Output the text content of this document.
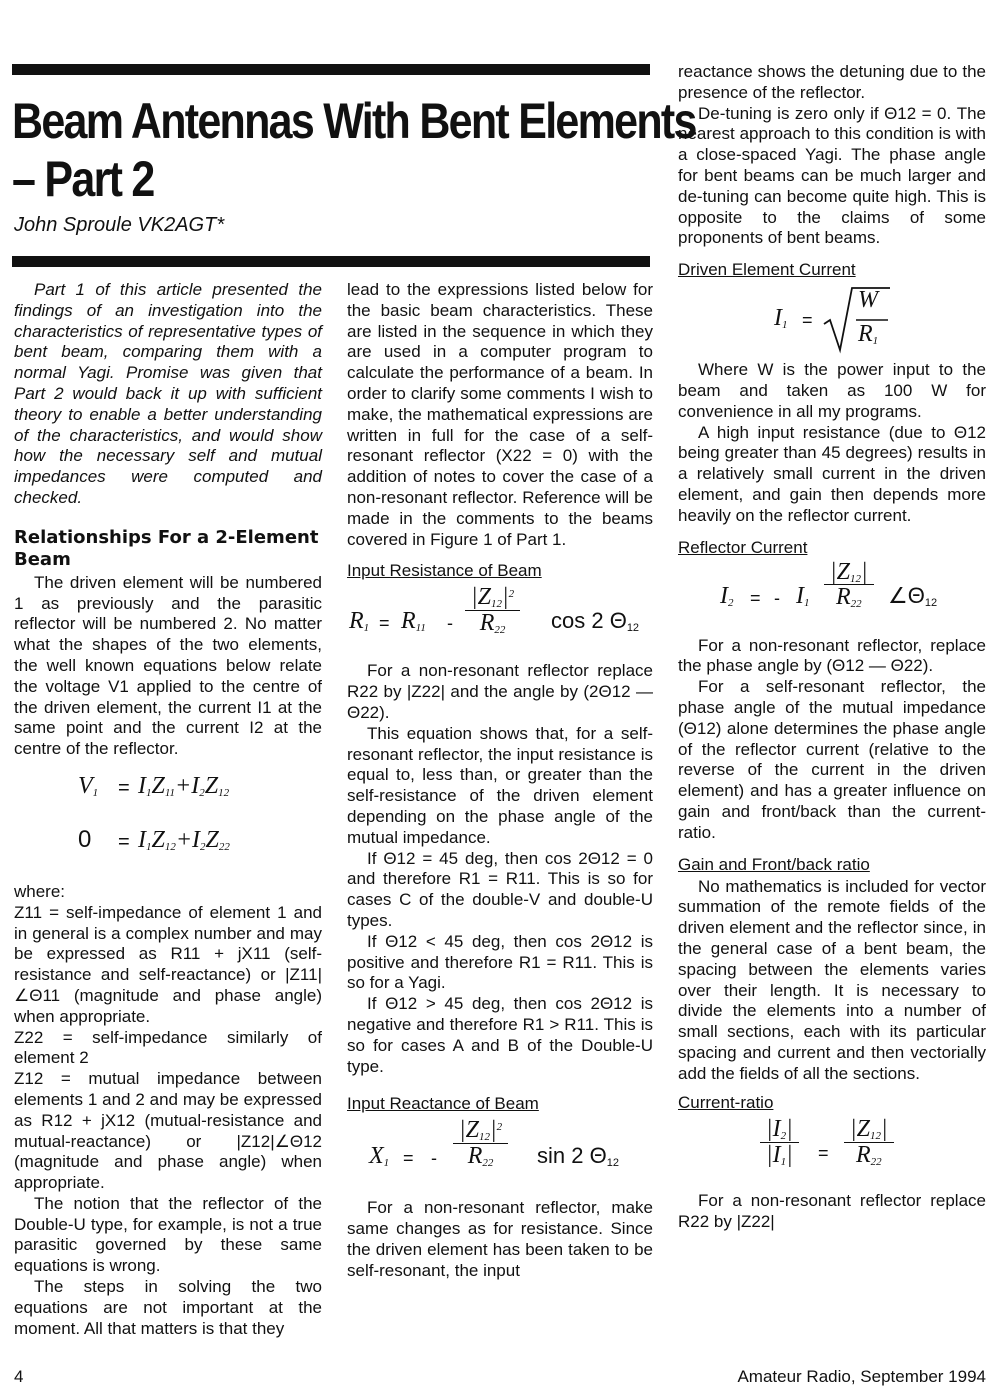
Beam Antennas With Bent Elements
– Part 2

John Sproule VK2AGT*

Part 1 of this article presented the findings of an investigation into the characteristics of representative types of bent beam, comparing them with a normal Yagi. Promise was given that Part 2 would back it up with sufficient theory to enable a better understanding of the characteristics, and would show how the necessary self and mutual impedances were computed and checked.

Relationships For a 2-Element Beam

The driven element will be numbered 1 as previously and the parasitic reflector will be numbered 2. No matter what the shapes of the two elements, the well known equations below relate the voltage V1 applied to the centre of the driven element, the current I1 at the same point and the current I2 at the centre of the reflector.

$V_1 = I_1Z_{11}+I_2Z_{12}$
$0 = I_1Z_{12}+I_2Z_{22}$

where:

Z11 = self-impedance of element 1 and in general is a complex number and may be expressed as R11 + jX11 (self-resistance and self-reactance) or |Z11|∠Θ11 (magnitude and phase angle) when appropriate.

Z22 = self-impedance similarly of element 2

Z12 = mutual impedance between elements 1 and 2 and may be expressed as R12 + jX12 (mutual-resistance and mutual-reactance) or |Z12|∠Θ12 (magnitude and phase angle) when appropriate.

The notion that the reflector of the Double-U type, for example, is not a true parasitic governed by these same equations is wrong.

The steps in solving the two equations are not important at the moment. All that matters is that they

lead to the expressions listed below for the basic beam characteristics. These are listed in the sequence in which they are used in a computer program to calculate the performance of a beam. In order to clarify some comments I wish to make, the mathematical expressions are written in full for the case of a self-resonant reflector (X22 = 0) with the addition of notes to cover the case of a non-resonant reflector. Reference will be made in the comments to the beams covered in Figure 1 of Part 1.

Input Resistance of Beam
$R_1 = R_{11} - \frac{|Z_{12}|^2}{R_{22}}$ cos 2 $\Theta_{12}$

For a non-resonant reflector replace R22 by |Z22| and the angle by (2Θ12 — Θ22).

This equation shows that, for a self-resonant reflector, the input resistance is equal to, less than, or greater than the self-resistance of the driven element depending on the phase angle of the mutual impedance.

If Θ12 = 45 deg, then cos 2Θ12 = 0 and therefore R1 = R11. This is so for cases C of the double-V and double-U types.

If Θ12 < 45 deg, then cos 2Θ12 is positive and therefore R1 = R11. This is so for a Yagi.

If Θ12 > 45 deg, then cos 2Θ12 is negative and therefore R1 > R11. This is so for cases A and B of the Double-U type.

Input Reactance of Beam
$X_1$ = - $\frac{|Z_{12}|^2}{R_{22}}$ sin 2 $\Theta_{12}$

For a non-resonant reflector, make same changes as for resistance. Since the driven element has been taken to be self-resonant, the input

reactance shows the detuning due to the presence of the reflector.

De-tuning is zero only if Θ12 = 0. The nearest approach to this condition is with a close-spaced Yagi. The phase angle for bent beams can be much larger and de-tuning can become quite high. This is opposite to the claims of some proponents of bent beams.

Driven Element Current
$I_1$ =
W
$R_1$

Where W is the power input to the beam and taken as 100 W for convenience in all my programs.

A high input resistance (due to Θ12 being greater than 45 degrees) results in a relatively small current in the driven element, and gain then depends more heavily on the reflector current.

Reflector Current
$I_2$ = - $I_1 \frac{|Z_{12}|}{R_{22}}$ $\angle\Theta_{12}$

For a non-resonant reflector, replace the phase angle by (Θ12 — Θ22).

For a self-resonant reflector, the phase angle of the mutual impedance (Θ12) alone determines the phase angle of the reflector current (relative to the reverse of the current in the driven element) and has a greater influence on gain and front/back than the current-ratio.

Gain and Front/back ratio

No mathematics is included for vector summation of the remote fields of the driven element and the reflector since, in the general case of a bent beam, the spacing between the elements varies over their length. It is necessary to divide the elements into a number of small sections, each with its particular spacing and current and then vectorially add the fields of all the sections.

Current-ratio
$\frac{|I_2|}{|I_1|} = \frac{|Z_{12}|}{R_{22}}$

For a non-resonant reflector replace R22 by |Z22|

4	Amateur Radio, September 1994
